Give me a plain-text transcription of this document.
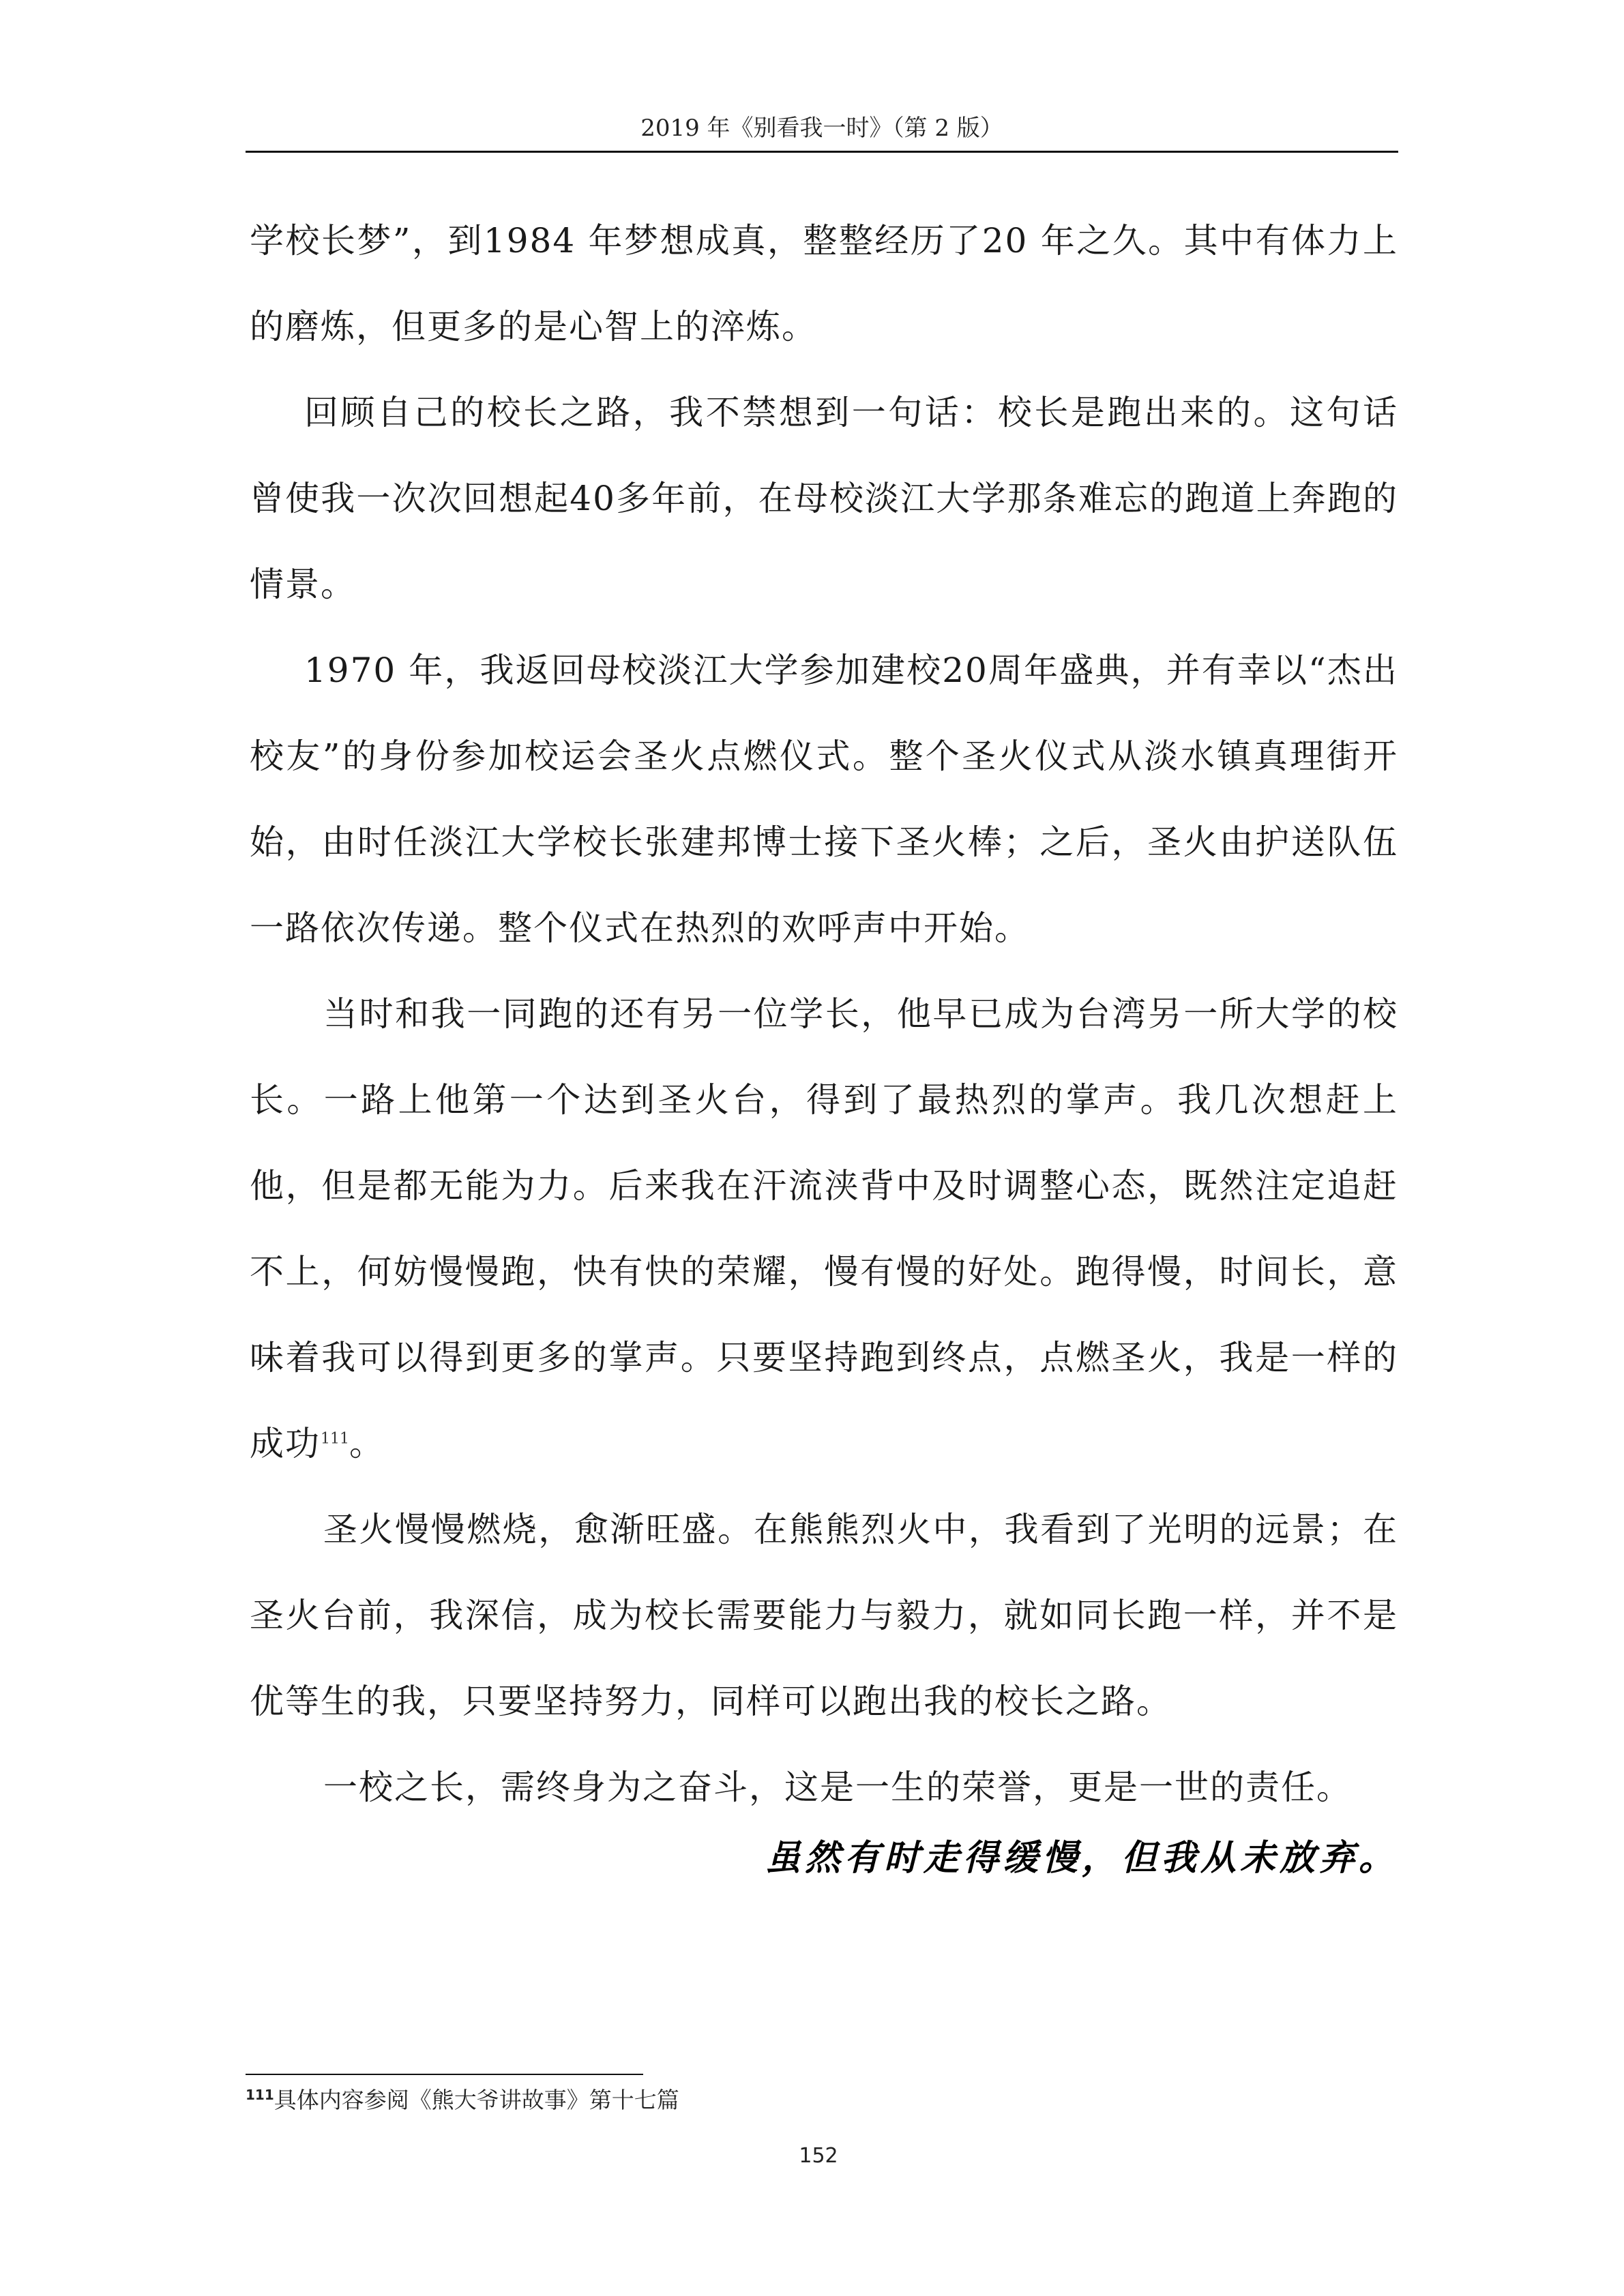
2019 年《别看我一时》（第 2 版）

学校长梦”，到1984 年梦想成真，整整经历了20 年之久。其中有体力上的磨炼，但更多的是心智上的淬炼。

回顾自己的校长之路，我不禁想到一句话：校长是跑出来的。这句话曾使我一次次回想起40多年前，在母校淡江大学那条难忘的跑道上奔跑的情景。

1970 年，我返回母校淡江大学参加建校20周年盛典，并有幸以“杰出校友”的身份参加校运会圣火点燃仪式。整个圣火仪式从淡水镇真理街开始，由时任淡江大学校长张建邦博士接下圣火棒；之后，圣火由护送队伍一路依次传递。整个仪式在热烈的欢呼声中开始。

当时和我一同跑的还有另一位学长，他早已成为台湾另一所大学的校长。一路上他第一个达到圣火台，得到了最热烈的掌声。我几次想赶上他，但是都无能为力。后来我在汗流浃背中及时调整心态，既然注定追赶不上，何妨慢慢跑，快有快的荣耀，慢有慢的好处。跑得慢，时间长，意味着我可以得到更多的掌声。只要坚持跑到终点，点燃圣火，我是一样的成功$^{111}$。

圣火慢慢燃烧，愈渐旺盛。在熊熊烈火中，我看到了光明的远景；在圣火台前，我深信，成为校长需要能力与毅力，就如同长跑一样，并不是优等生的我，只要坚持努力，同样可以跑出我的校长之路。

一校之长，需终身为之奋斗，这是一生的荣誉，更是一世的责任。

虽然有时走得缓慢，但我从未放弃。
$^{111}$具体内容参阅《熊大爷讲故事》第十七篇
152
